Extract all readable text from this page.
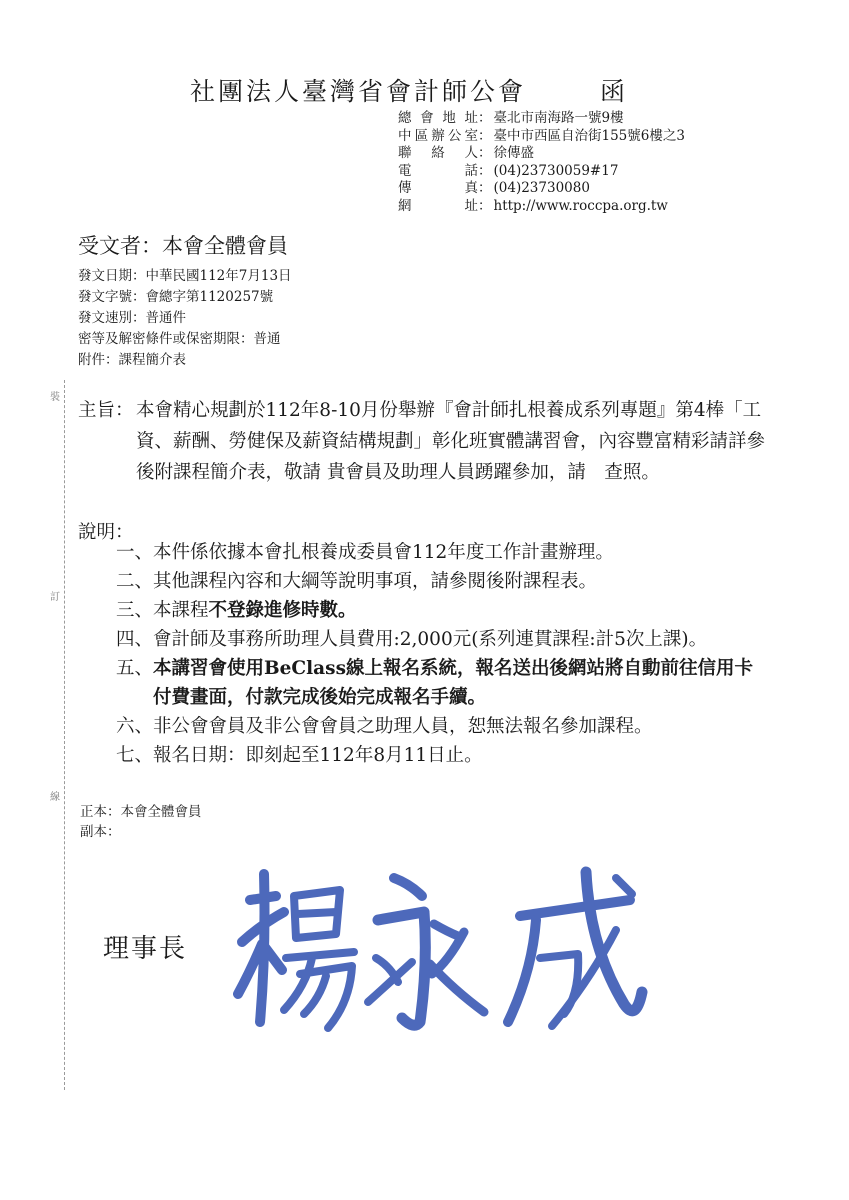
社團法人臺灣省會計師公會	函
總會地址 ： 臺北市南海路一號9樓
中區辦公室 ： 臺中市西區自治街155號6樓之3
聯絡人 ： 徐傳盛
電話 ： (04)23730059#17
傳真 ： (04)23730080
網址 ： http://www.roccpa.org.tw
受文者：本會全體會員
發文日期：中華民國112年7月13日
發文字號：會總字第1120257號
發文速別：普通件
密等及解密條件或保密期限：普通
附件：課程簡介表
主旨： 本會精心規劃於112年8-10月份舉辦『會計師扎根養成系列專題』第4棒「工資、薪酬、勞健保及薪資結構規劃」彰化班實體講習會，內容豐富精彩請詳參後附課程簡介表，敬請 貴會員及助理人員踴躍參加，請　查照。
說明：
一、 本件係依據本會扎根養成委員會112年度工作計畫辦理。
二、 其他課程內容和大綱等說明事項，請參閱後附課程表。
三、 本課程不登錄進修時數。
四、 會計師及事務所助理人員費用:2,000元(系列連貫課程:計5次上課)。
五、 本講習會使用BeClass線上報名系統，報名送出後網站將自動前往信用卡付費畫面，付款完成後始完成報名手續。
六、 非公會會員及非公會會員之助理人員，恕無法報名參加課程。
七、 報名日期：即刻起至112年8月11日止。
正本：本會全體會員
副本：
理事長
裝
訂
線
